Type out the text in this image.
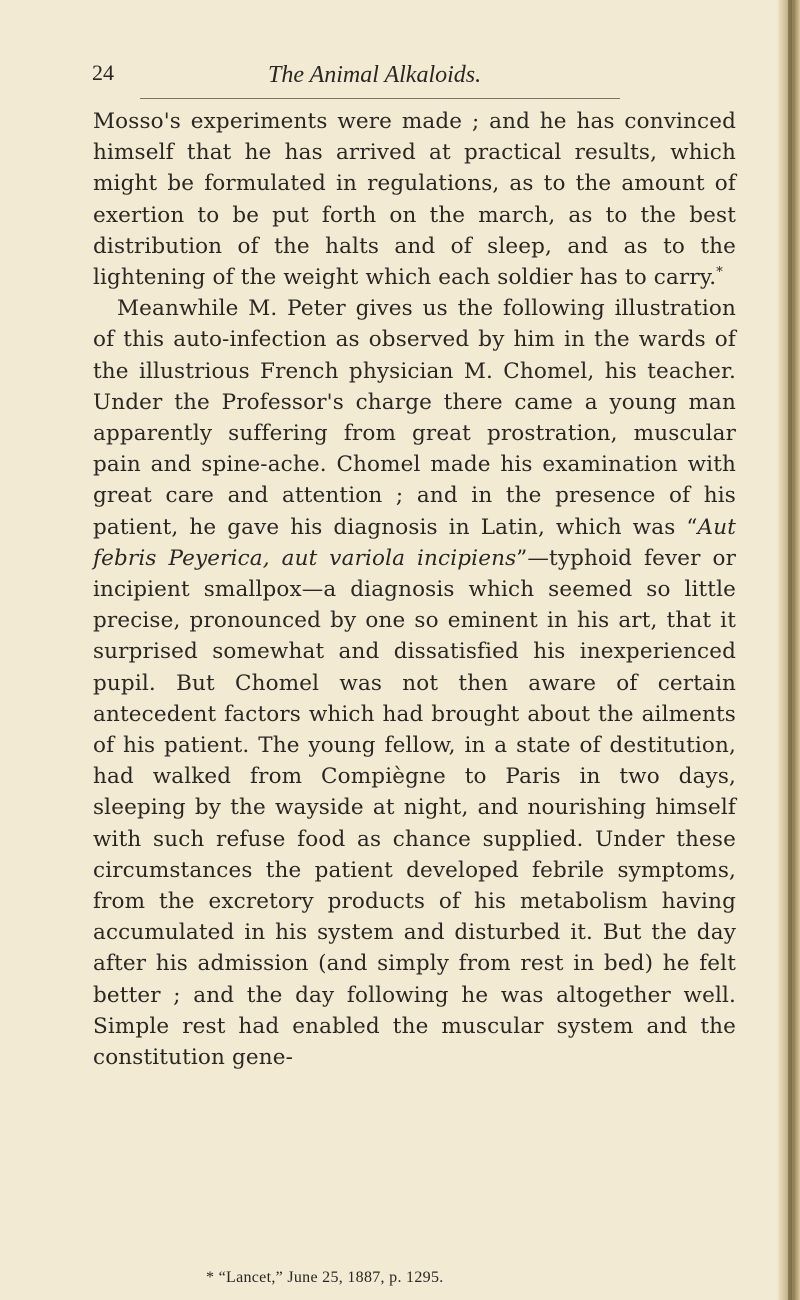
24	The Animal Alkaloids.

Mosso's experiments were made ; and he has convinced himself that he has arrived at practical results, which might be formulated in regulations, as to the amount of exertion to be put forth on the march, as to the best distribution of the halts and of sleep, and as to the lightening of the weight which each soldier has to carry.*

Meanwhile M. Peter gives us the following illustration of this auto-infection as observed by him in the wards of the illustrious French physician M. Chomel, his teacher. Under the Professor's charge there came a young man apparently suffering from great prostration, muscular pain and spine-ache. Chomel made his examination with great care and attention ; and in the presence of his patient, he gave his diagnosis in Latin, which was “Aut febris Peyerica, aut variola incipiens”—typhoid fever or incipient smallpox—a diagnosis which seemed so little precise, pronounced by one so eminent in his art, that it surprised somewhat and dissatisfied his inexperienced pupil. But Chomel was not then aware of certain antecedent factors which had brought about the ailments of his patient. The young fellow, in a state of destitution, had walked from Compiègne to Paris in two days, sleeping by the wayside at night, and nourishing himself with such refuse food as chance supplied. Under these circumstances the patient developed febrile symptoms, from the excretory products of his metabolism having accumulated in his system and disturbed it. But the day after his admission (and simply from rest in bed) he felt better ; and the day following he was altogether well. Simple rest had enabled the muscular system and the constitution gene-

* “Lancet,” June 25, 1887, p. 1295.
